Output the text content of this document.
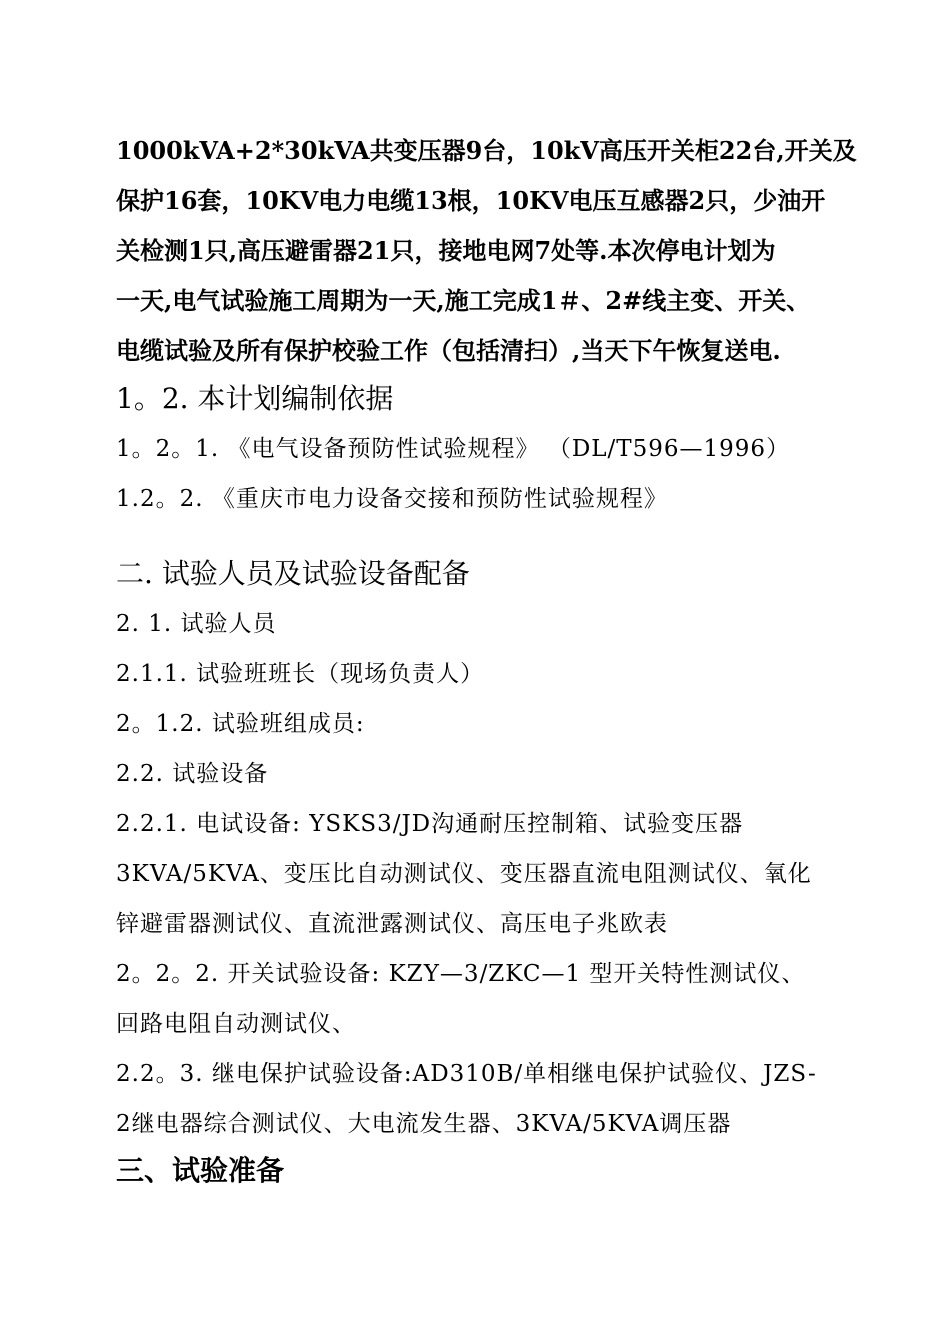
1000kVA+2*30kVA共变压器9台，10kV高压开关柜22台,开关及
保护16套，10KV电力电缆13根，10KV电压互感器2只，少油开
关检测1只,高压避雷器21只，接地电网7处等.本次停电计划为
一天,电气试验施工周期为一天,施工完成1＃、2#线主变、开关、
电缆试验及所有保护校验工作（包括清扫）,当天下午恢复送电.
1。2. 本计划编制依据
1。2。1. 《电气设备预防性试验规程》 （DL/T596—1996）
1.2。2. 《重庆市电力设备交接和预防性试验规程》
二. 试验人员及试验设备配备
2. 1. 试验人员
2.1.1. 试验班班长（现场负责人）
2。1.2. 试验班组成员:
2.2. 试验设备
2.2.1. 电试设备: YSKS3/JD沟通耐压控制箱、试验变压器
3KVA/5KVA、变压比自动测试仪、变压器直流电阻测试仪、氧化
锌避雷器测试仪、直流泄露测试仪、高压电子兆欧表
2。2。2. 开关试验设备: KZY—3/ZKC—1 型开关特性测试仪、
回路电阻自动测试仪、
2.2。3. 继电保护试验设备:AD310B/单相继电保护试验仪、JZS-
2继电器综合测试仪、大电流发生器、3KVA/5KVA调压器
三、试验准备
